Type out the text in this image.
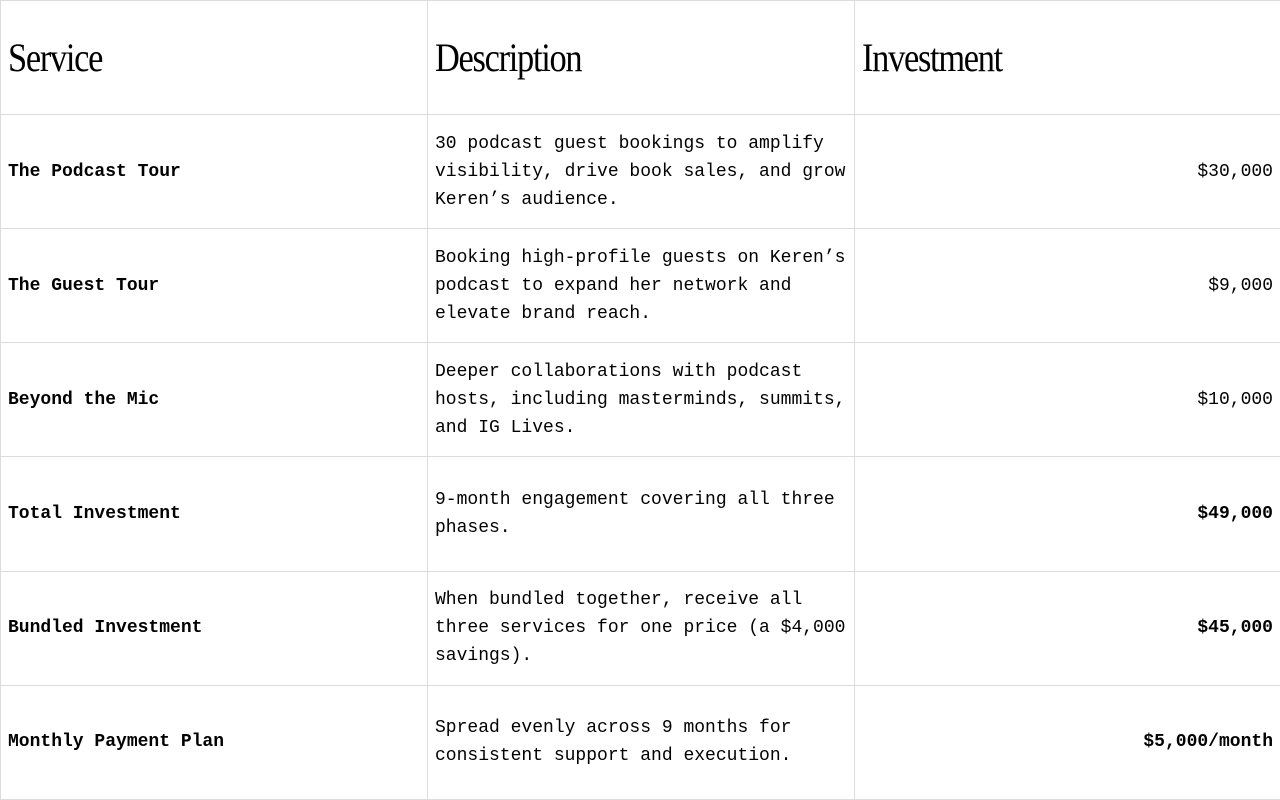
Service	Description	Investment
The Podcast Tour	30 podcast guest bookings to amplify visibility, drive book sales, and grow Keren’s audience.	$30,000
The Guest Tour	Booking high-profile guests on Keren’s podcast to expand her network and elevate brand reach.	$9,000
Beyond the Mic	Deeper collaborations with podcast hosts, including masterminds, summits, and IG Lives.	$10,000
Total Investment	9-month engagement covering all three phases.	$49,000
Bundled Investment	When bundled together, receive all three services for one price (a $4,000 savings).	$45,000
Monthly Payment Plan	Spread evenly across 9 months for consistent support and execution.	$5,000/month
